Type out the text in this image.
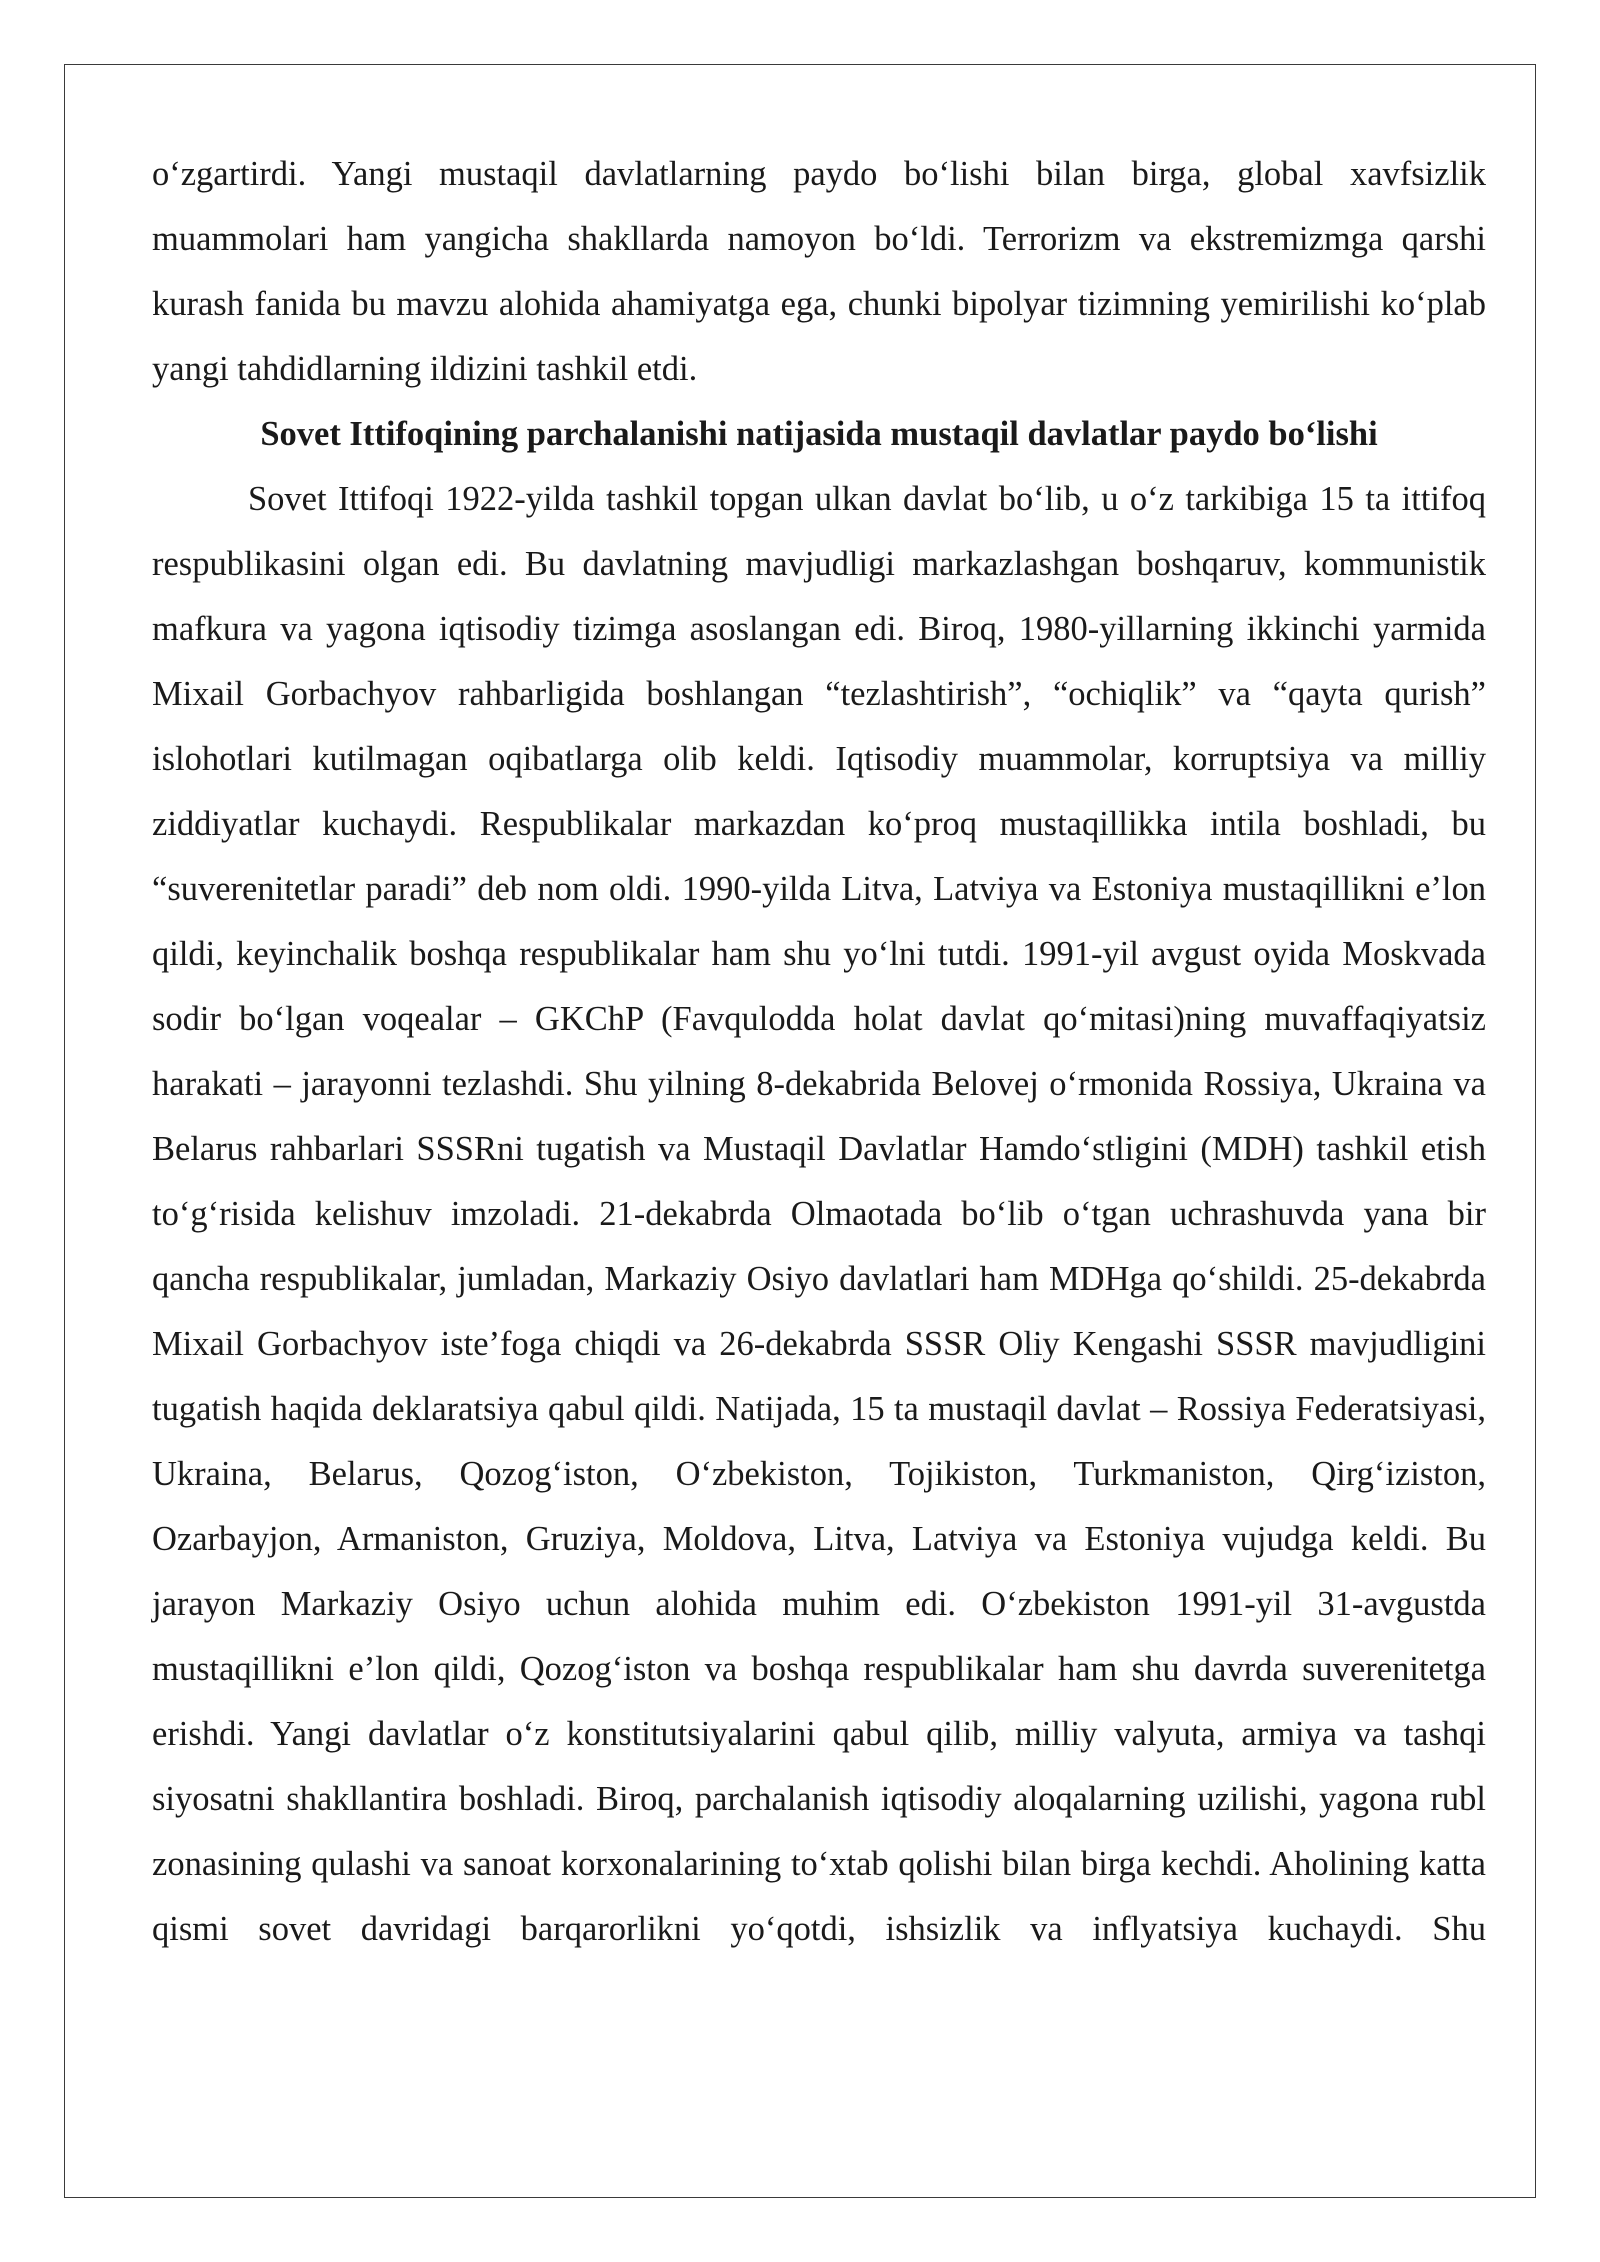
o‘zgartirdi. Yangi mustaqil davlatlarning paydo bo‘lishi bilan birga, global xavfsizlik muammolari ham yangicha shakllarda namoyon bo‘ldi. Terrorizm va ekstremizmga qarshi kurash fanida bu mavzu alohida ahamiyatga ega, chunki bipolyar tizimning yemirilishi ko‘plab yangi tahdidlarning ildizini tashkil etdi.

Sovet Ittifoqining parchalanishi natijasida mustaqil davlatlar paydo bo‘lishi

Sovet Ittifoqi 1922-yilda tashkil topgan ulkan davlat bo‘lib, u o‘z tarkibiga 15 ta ittifoq respublikasini olgan edi. Bu davlatning mavjudligi markazlashgan boshqaruv, kommunistik mafkura va yagona iqtisodiy tizimga asoslangan edi. Biroq, 1980-yillarning ikkinchi yarmida Mixail Gorbachyov rahbarligida boshlangan “tezlashtirish”, “ochiqlik” va “qayta qurish” islohotlari kutilmagan oqibatlarga olib keldi. Iqtisodiy muammolar, korruptsiya va milliy ziddiyatlar kuchaydi. Respublikalar markazdan ko‘proq mustaqillikka intila boshladi, bu “suverenitetlar paradi” deb nom oldi. 1990-yilda Litva, Latviya va Estoniya mustaqillikni e’lon qildi, keyinchalik boshqa respublikalar ham shu yo‘lni tutdi. 1991-yil avgust oyida Moskvada sodir bo‘lgan voqealar – GKChP (Favqulodda holat davlat qo‘mitasi)ning muvaffaqiyatsiz harakati – jarayonni tezlashdi. Shu yilning 8-dekabrida Belovej o‘rmonida Rossiya, Ukraina va Belarus rahbarlari SSSRni tugatish va Mustaqil Davlatlar Hamdo‘stligini (MDH) tashkil etish to‘g‘risida kelishuv imzoladi. 21-dekabrda Olmaotada bo‘lib o‘tgan uchrashuvda yana bir qancha respublikalar, jumladan, Markaziy Osiyo davlatlari ham MDHga qo‘shildi. 25-dekabrda Mixail Gorbachyov iste’foga chiqdi va 26-dekabrda SSSR Oliy Kengashi SSSR mavjudligini tugatish haqida deklaratsiya qabul qildi. Natijada, 15 ta mustaqil davlat – Rossiya Federatsiyasi, Ukraina, Belarus, Qozog‘iston, O‘zbekiston, Tojikiston, Turkmaniston, Qirg‘iziston, Ozarbayjon, Armaniston, Gruziya, Moldova, Litva, Latviya va Estoniya vujudga keldi. Bu jarayon Markaziy Osiyo uchun alohida muhim edi. O‘zbekiston 1991-yil 31-avgustda mustaqillikni e’lon qildi, Qozog‘iston va boshqa respublikalar ham shu davrda suverenitetga erishdi. Yangi davlatlar o‘z konstitutsiyalarini qabul qilib, milliy valyuta, armiya va tashqi siyosatni shakllantira boshladi. Biroq, parchalanish iqtisodiy aloqalarning uzilishi, yagona rubl zonasining qulashi va sanoat korxonalarining to‘xtab qolishi bilan birga kechdi. Aholining katta qismi sovet davridagi barqarorlikni yo‘qotdi, ishsizlik va inflyatsiya kuchaydi. Shu
